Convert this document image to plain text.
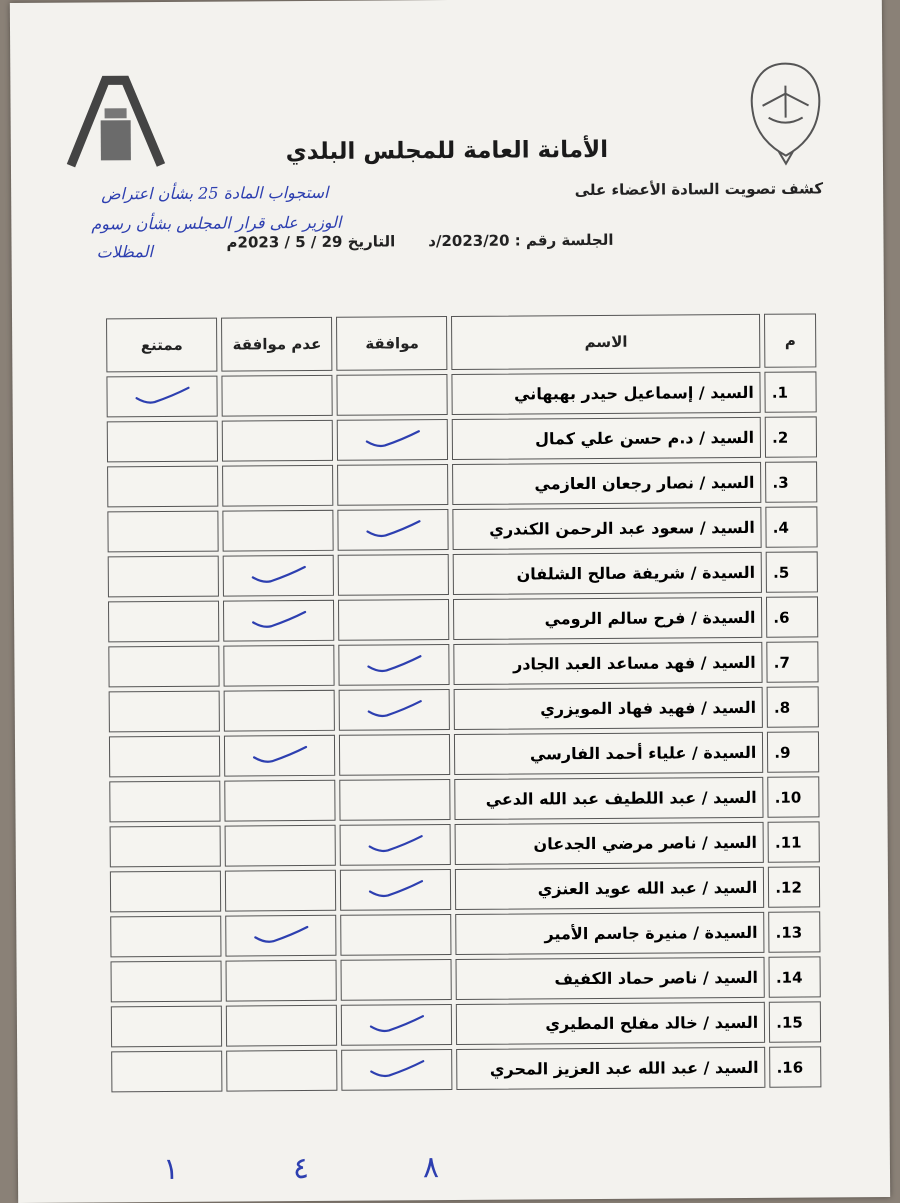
الأمانة العامة للمجلس البلدي
كشف تصويت السادة الأعضاء على
استجواب المادة 25 بشأن اعتراض
الوزير على قرار المجلس بشأن رسوم
المظلات
الجلسة رقم : 2023/20/د
التاريخ 29 / 5 / 2023م
م	الاسم	موافقة	عدم موافقة	ممتنع
1.	السيد / إسماعيل حيدر بهبهاني			
2.	السيد / د.م حسن علي كمال			
3.	السيد / نصار رجعان العازمي			
4.	السيد / سعود عبد الرحمن الكندري			
5.	السيدة / شريفة صالح الشلفان			
6.	السيدة / فرح سالم الرومي			
7.	السيد / فهد مساعد العبد الجادر			
8.	السيد / فهيد فهاد المويزري			
9.	السيدة / علياء أحمد الفارسي			
10.	السيد / عبد اللطيف عبد الله الدعي			
11.	السيد / ناصر مرضي الجدعان			
12.	السيد / عبد الله عويد العنزي			
13.	السيدة / منيرة جاسم الأمير			
14.	السيد / ناصر حماد الكفيف			
15.	السيد / خالد مفلح المطيري			
16.	السيد / عبد الله عبد العزيز المحري			
١	٤	٨
